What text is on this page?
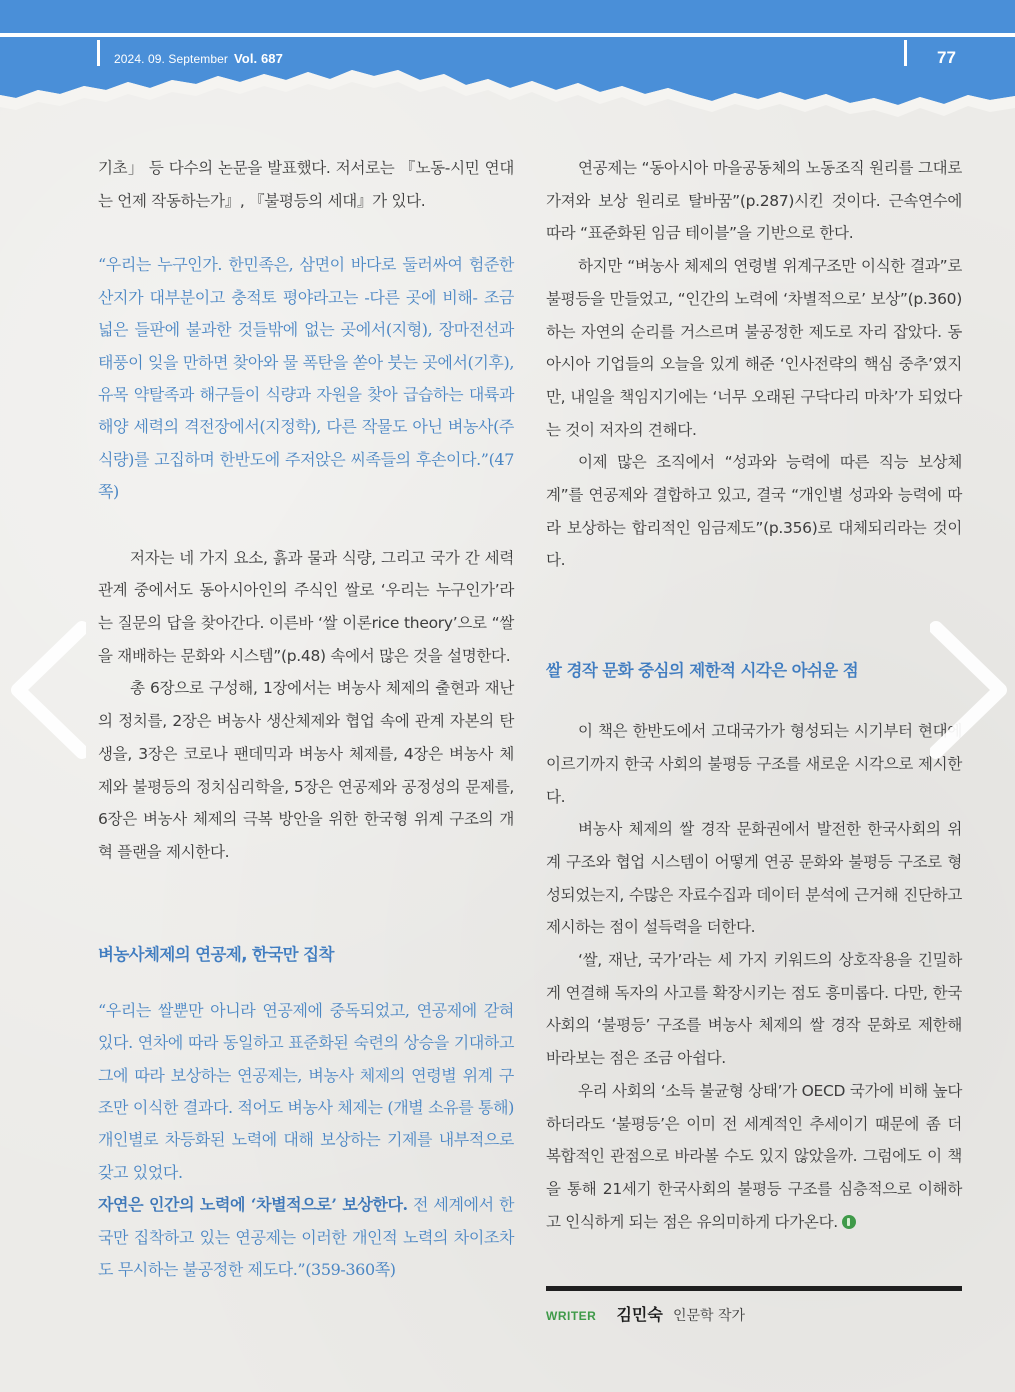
2024. 09. September Vol. 687	77

기초」 등 다수의 논문을 발표했다. 저서로는 『노동-시민 연대는 언제 작동하는가』, 『불평등의 세대』가 있다.

“우리는 누구인가. 한민족은, 삼면이 바다로 둘러싸여 험준한 산지가 대부분이고 충적토 평야라고는 -다른 곳에 비해- 조금 넓은 들판에 불과한 것들밖에 없는 곳에서(지형), 장마전선과 태풍이 잊을 만하면 찾아와 물 폭탄을 쏟아 붓는 곳에서(기후), 유목 약탈족과 해구들이 식량과 자원을 찾아 급습하는 대륙과 해양 세력의 격전장에서(지정학), 다른 작물도 아닌 벼농사(주 식량)를 고집하며 한반도에 주저앉은 씨족들의 후손이다.”(47쪽)

저자는 네 가지 요소, 흙과 물과 식량, 그리고 국가 간 세력 관계 중에서도 동아시아인의 주식인 쌀로 ‘우리는 누구인가’라는 질문의 답을 찾아간다. 이른바 ‘쌀 이론rice theory’으로 “쌀을 재배하는 문화와 시스템”(p.48) 속에서 많은 것을 설명한다.

총 6장으로 구성해, 1장에서는 벼농사 체제의 출현과 재난의 정치를, 2장은 벼농사 생산체제와 협업 속에 관계 자본의 탄생을, 3장은 코로나 팬데믹과 벼농사 체제를, 4장은 벼농사 체제와 불평등의 정치심리학을, 5장은 연공제와 공정성의 문제를, 6장은 벼농사 체제의 극복 방안을 위한 한국형 위계 구조의 개혁 플랜을 제시한다.

벼농사체제의 연공제, 한국만 집착

“우리는 쌀뿐만 아니라 연공제에 중독되었고, 연공제에 갇혀 있다. 연차에 따라 동일하고 표준화된 숙련의 상승을 기대하고 그에 따라 보상하는 연공제는, 벼농사 체제의 연령별 위계 구조만 이식한 결과다. 적어도 벼농사 체제는 (개별 소유를 통해) 개인별로 차등화된 노력에 대해 보상하는 기제를 내부적으로 갖고 있었다.
자연은 인간의 노력에 ‘차별적으로’ 보상한다. 전 세계에서 한국만 집착하고 있는 연공제는 이러한 개인적 노력의 차이조차도 무시하는 불공정한 제도다.”(359-360쪽)

연공제는 “동아시아 마을공동체의 노동조직 원리를 그대로 가져와 보상 원리로 탈바꿈”(p.287)시킨 것이다. 근속연수에 따라 “표준화된 임금 테이블”을 기반으로 한다.

하지만 “벼농사 체제의 연령별 위계구조만 이식한 결과”로 불평등을 만들었고, “인간의 노력에 ‘차별적으로’ 보상”(p.360)하는 자연의 순리를 거스르며 불공정한 제도로 자리 잡았다. 동아시아 기업들의 오늘을 있게 해준 ‘인사전략의 핵심 중추’였지만, 내일을 책임지기에는 ‘너무 오래된 구닥다리 마차’가 되었다는 것이 저자의 견해다.

이제 많은 조직에서 “성과와 능력에 따른 직능 보상체계”를 연공제와 결합하고 있고, 결국 “개인별 성과와 능력에 따라 보상하는 합리적인 임금제도”(p.356)로 대체되리라는 것이다.

쌀 경작 문화 중심의 제한적 시각은 아쉬운 점

이 책은 한반도에서 고대국가가 형성되는 시기부터 현대에 이르기까지 한국 사회의 불평등 구조를 새로운 시각으로 제시한다.

벼농사 체제의 쌀 경작 문화권에서 발전한 한국사회의 위계 구조와 협업 시스템이 어떻게 연공 문화와 불평등 구조로 형성되었는지, 수많은 자료수집과 데이터 분석에 근거해 진단하고 제시하는 점이 설득력을 더한다.

‘쌀, 재난, 국가’라는 세 가지 키워드의 상호작용을 긴밀하게 연결해 독자의 사고를 확장시키는 점도 흥미롭다. 다만, 한국사회의 ‘불평등’ 구조를 벼농사 체제의 쌀 경작 문화로 제한해 바라보는 점은 조금 아쉽다.

우리 사회의 ‘소득 불균형 상태’가 OECD 국가에 비해 높다 하더라도 ‘불평등’은 이미 전 세계적인 추세이기 때문에 좀 더 복합적인 관점으로 바라볼 수도 있지 않았을까. 그럼에도 이 책을 통해 21세기 한국사회의 불평등 구조를 심층적으로 이해하고 인식하게 되는 점은 유의미하게 다가온다.

WRITER 김민숙 인문학 작가
